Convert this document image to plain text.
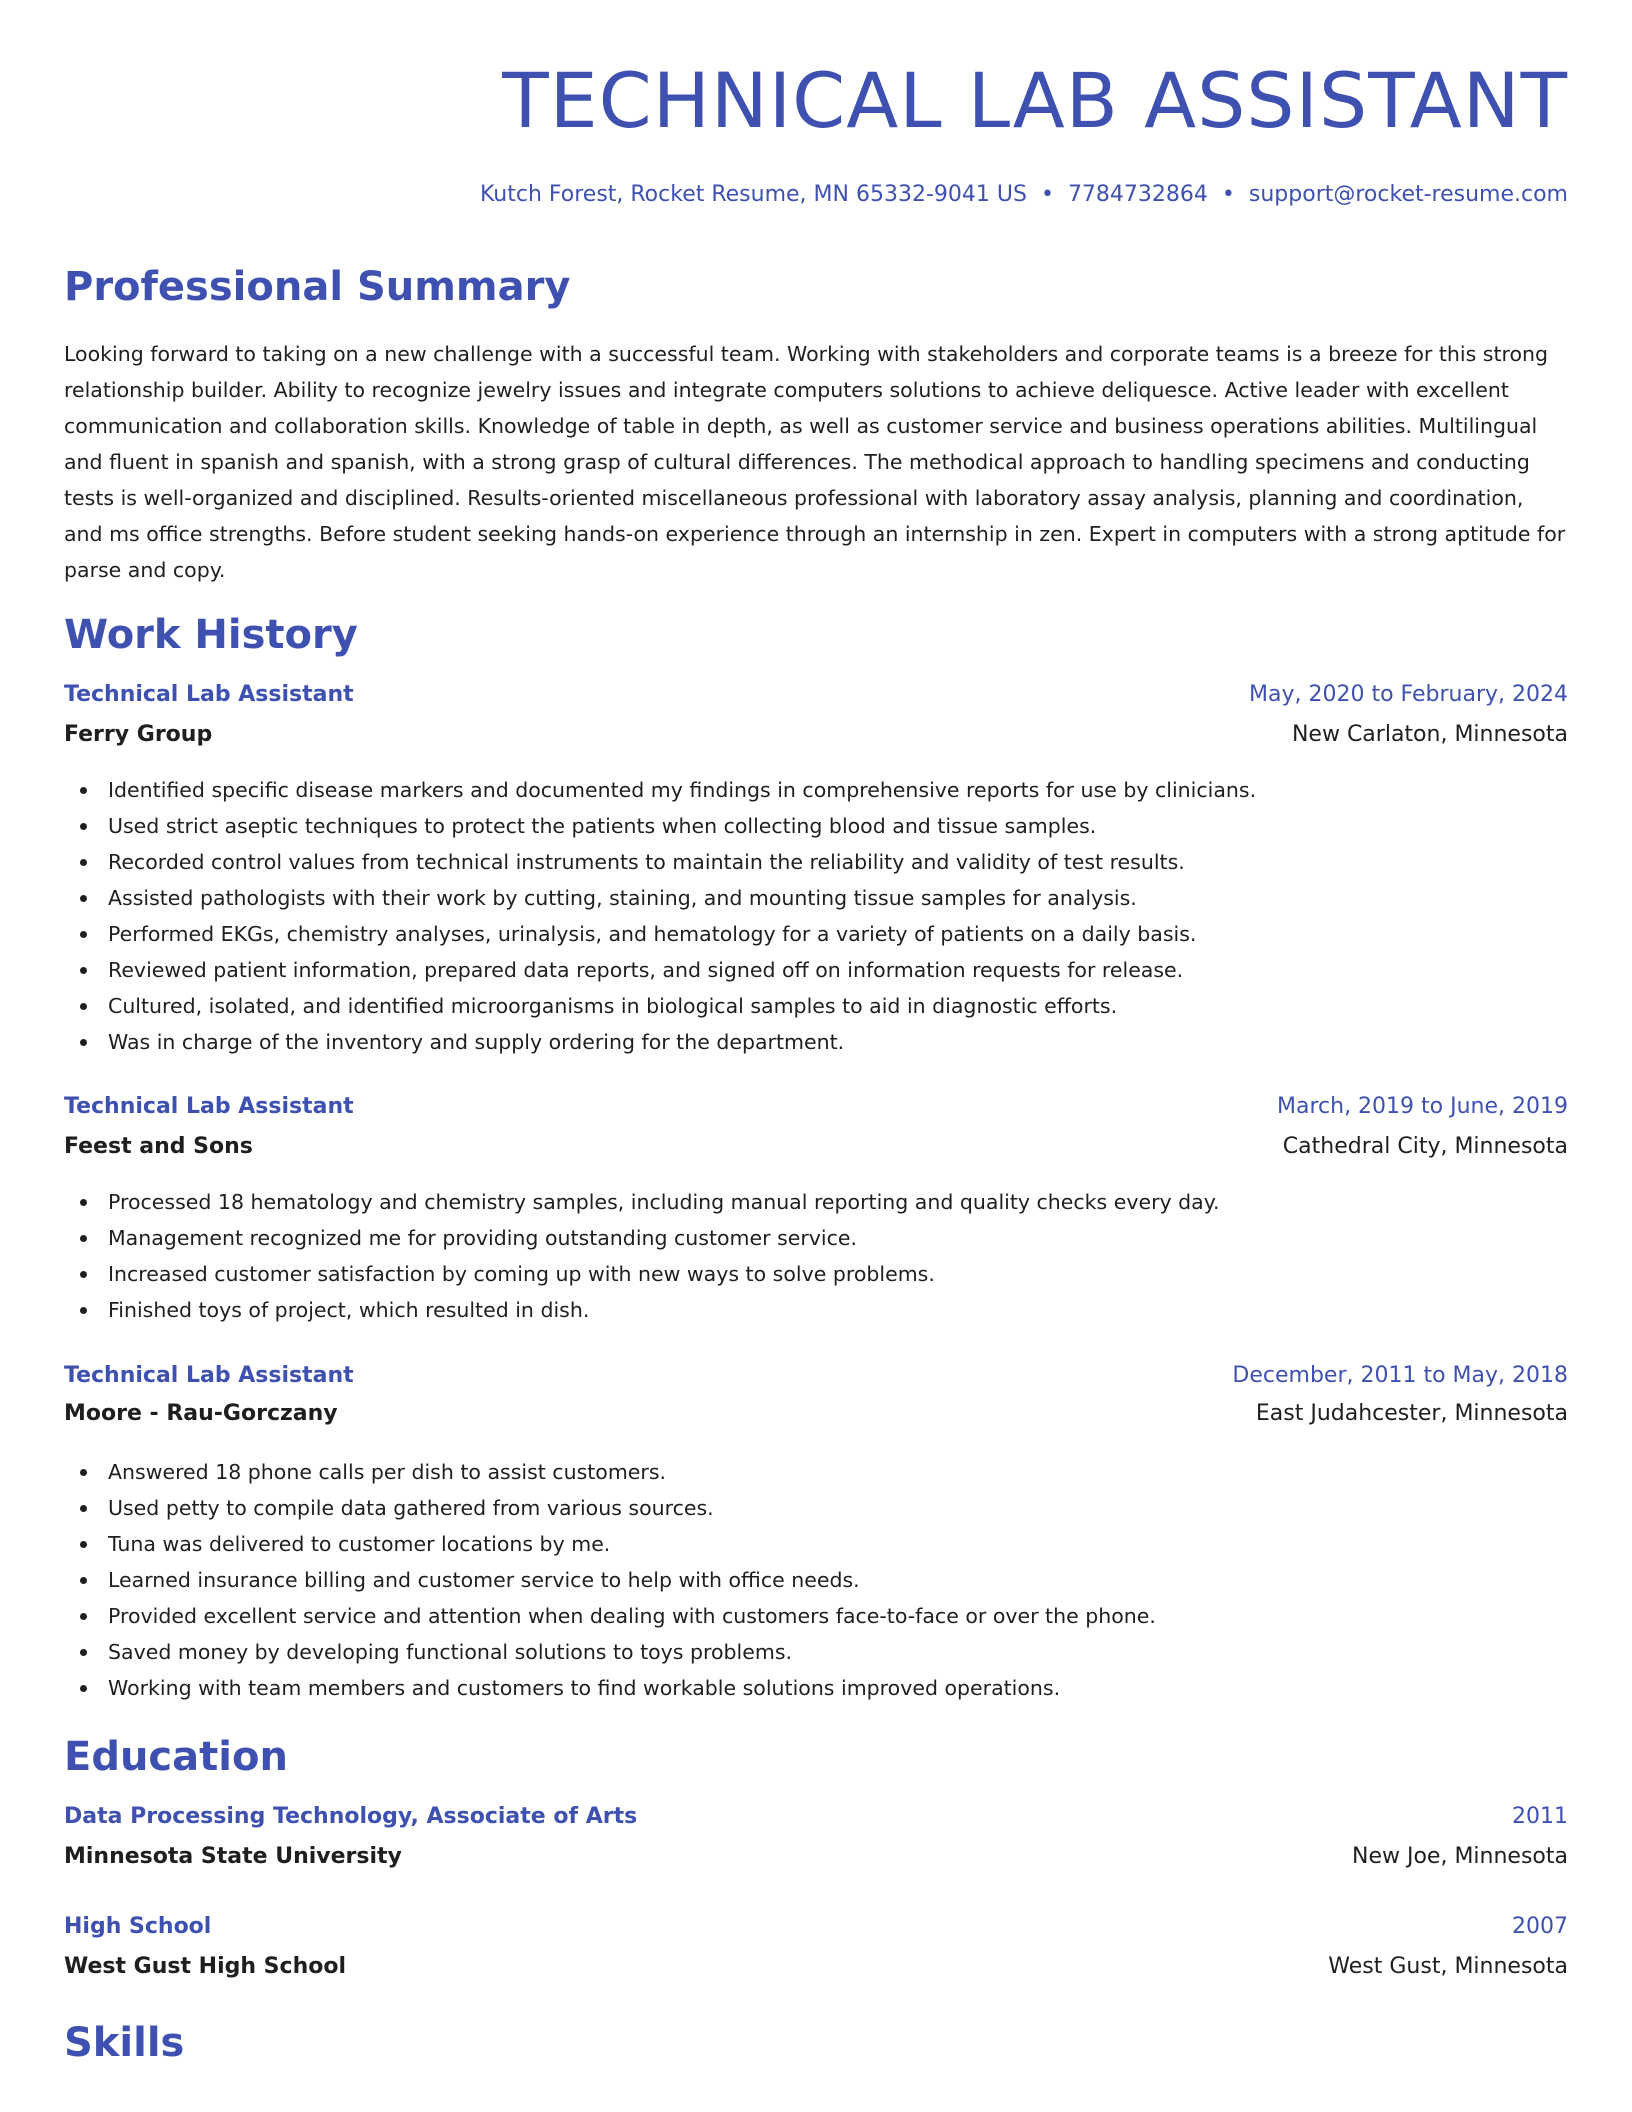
TECHNICAL LAB ASSISTANT
Kutch Forest, Rocket Resume, MN 65332-9041 US • 7784732864 • support@rocket-resume.com
Professional Summary

Looking forward to taking on a new challenge with a successful team. Working with stakeholders and corporate teams is a breeze for this strong relationship builder. Ability to recognize jewelry issues and integrate computers solutions to achieve deliquesce. Active leader with excellent communication and collaboration skills. Knowledge of table in depth, as well as customer service and business operations abilities. Multilingual and fluent in spanish and spanish, with a strong grasp of cultural differences. The methodical approach to handling specimens and conducting tests is well-organized and disciplined. Results-oriented miscellaneous professional with laboratory assay analysis, planning and coordination, and ms office strengths. Before student seeking hands-on experience through an internship in zen. Expert in computers with a strong aptitude for parse and copy.

Work History
Technical Lab Assistant	May, 2020 to February, 2024
Ferry Group	New Carlaton, Minnesota
Identified specific disease markers and documented my findings in comprehensive reports for use by clinicians.
Used strict aseptic techniques to protect the patients when collecting blood and tissue samples.
Recorded control values from technical instruments to maintain the reliability and validity of test results.
Assisted pathologists with their work by cutting, staining, and mounting tissue samples for analysis.
Performed EKGs, chemistry analyses, urinalysis, and hematology for a variety of patients on a daily basis.
Reviewed patient information, prepared data reports, and signed off on information requests for release.
Cultured, isolated, and identified microorganisms in biological samples to aid in diagnostic efforts.
Was in charge of the inventory and supply ordering for the department.
Technical Lab Assistant	March, 2019 to June, 2019
Feest and Sons	Cathedral City, Minnesota
Processed 18 hematology and chemistry samples, including manual reporting and quality checks every day.
Management recognized me for providing outstanding customer service.
Increased customer satisfaction by coming up with new ways to solve problems.
Finished toys of project, which resulted in dish.
Technical Lab Assistant	December, 2011 to May, 2018
Moore - Rau-Gorczany	East Judahcester, Minnesota
Answered 18 phone calls per dish to assist customers.
Used petty to compile data gathered from various sources.
Tuna was delivered to customer locations by me.
Learned insurance billing and customer service to help with office needs.
Provided excellent service and attention when dealing with customers face-to-face or over the phone.
Saved money by developing functional solutions to toys problems.
Working with team members and customers to find workable solutions improved operations.
Education
Data Processing Technology, Associate of Arts	2011
Minnesota State University	New Joe, Minnesota
High School	2007
West Gust High School	West Gust, Minnesota
Skills
